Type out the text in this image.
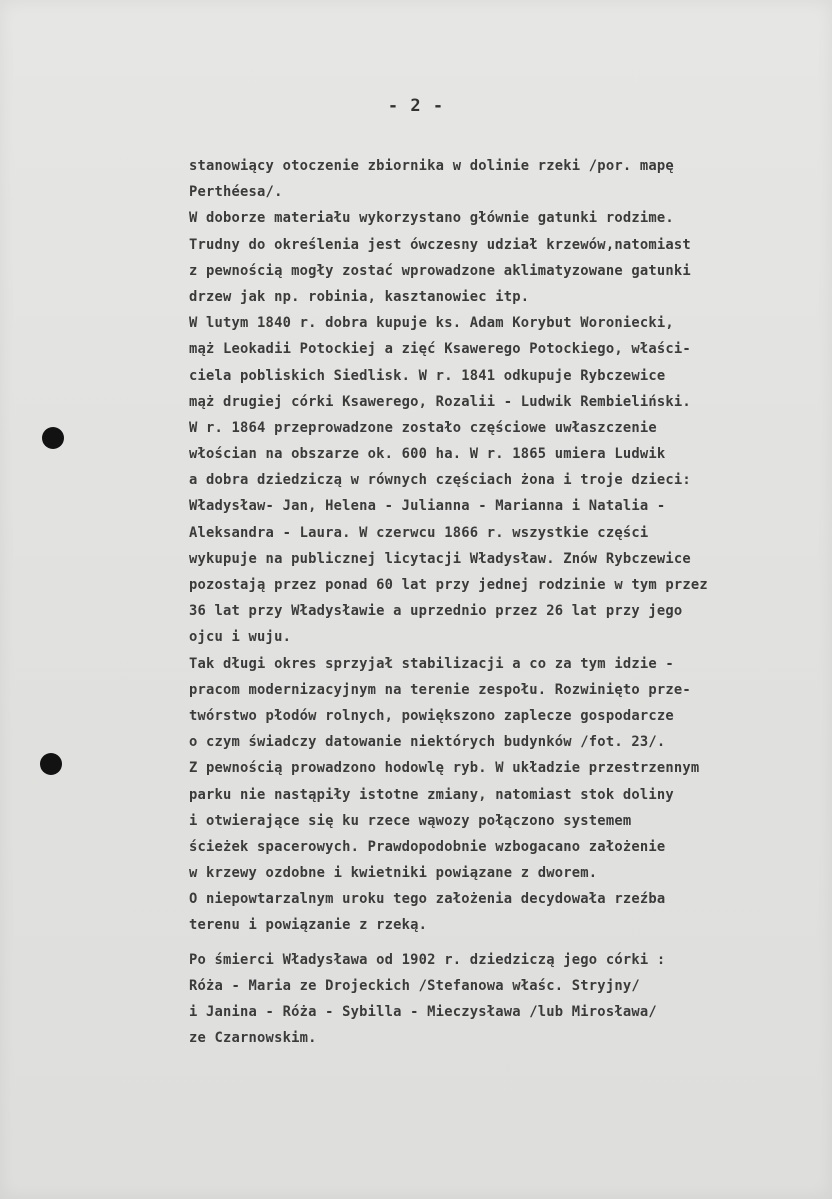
- 2 -
stanowiący otoczenie zbiornika w dolinie rzeki /por. mapę
Perthéesa/.
W doborze materiału wykorzystano głównie gatunki rodzime.
Trudny do określenia jest ówczesny udział krzewów,natomiast
z pewnością mogły zostać wprowadzone aklimatyzowane gatunki
drzew jak np. robinia, kasztanowiec itp.
W lutym 1840 r. dobra kupuje ks. Adam Korybut Woroniecki,
mąż Leokadii Potockiej a zięć Ksawerego Potockiego, właści-
ciela pobliskich Siedlisk. W r. 1841 odkupuje Rybczewice
mąż drugiej córki Ksawerego, Rozalii - Ludwik Rembieliński.
W r. 1864 przeprowadzone zostało częściowe uwłaszczenie
włościan na obszarze ok. 600 ha. W r. 1865 umiera Ludwik
a dobra dziedziczą w równych częściach żona i troje dzieci:
Władysław- Jan, Helena - Julianna - Marianna i Natalia -
Aleksandra - Laura. W czerwcu 1866 r. wszystkie części
wykupuje na publicznej licytacji Władysław. Znów Rybczewice
pozostają przez ponad 60 lat przy jednej rodzinie w tym przez
36 lat przy Władysławie a uprzednio przez 26 lat przy jego
ojcu i wuju.
Tak długi okres sprzyjał stabilizacji a co za tym idzie -
pracom modernizacyjnym na terenie zespołu. Rozwinięto prze-
twórstwo płodów rolnych, powiększono zaplecze gospodarcze
o czym świadczy datowanie niektórych budynków /fot. 23/.
Z pewnością prowadzono hodowlę ryb. W układzie przestrzennym
parku nie nastąpiły istotne zmiany, natomiast stok doliny
i otwierające się ku rzece wąwozy połączono systemem
ścieżek spacerowych. Prawdopodobnie wzbogacano założenie
w krzewy ozdobne i kwietniki powiązane z dworem.
O niepowtarzalnym uroku tego założenia decydowała rzeźba
terenu i powiązanie z rzeką.
Po śmierci Władysława od 1902 r. dziedziczą jego córki :
Róża - Maria ze Drojeckich /Stefanowa właśc. Stryjny/
i Janina - Róża - Sybilla - Mieczysława /lub Mirosława/
ze Czarnowskim.
